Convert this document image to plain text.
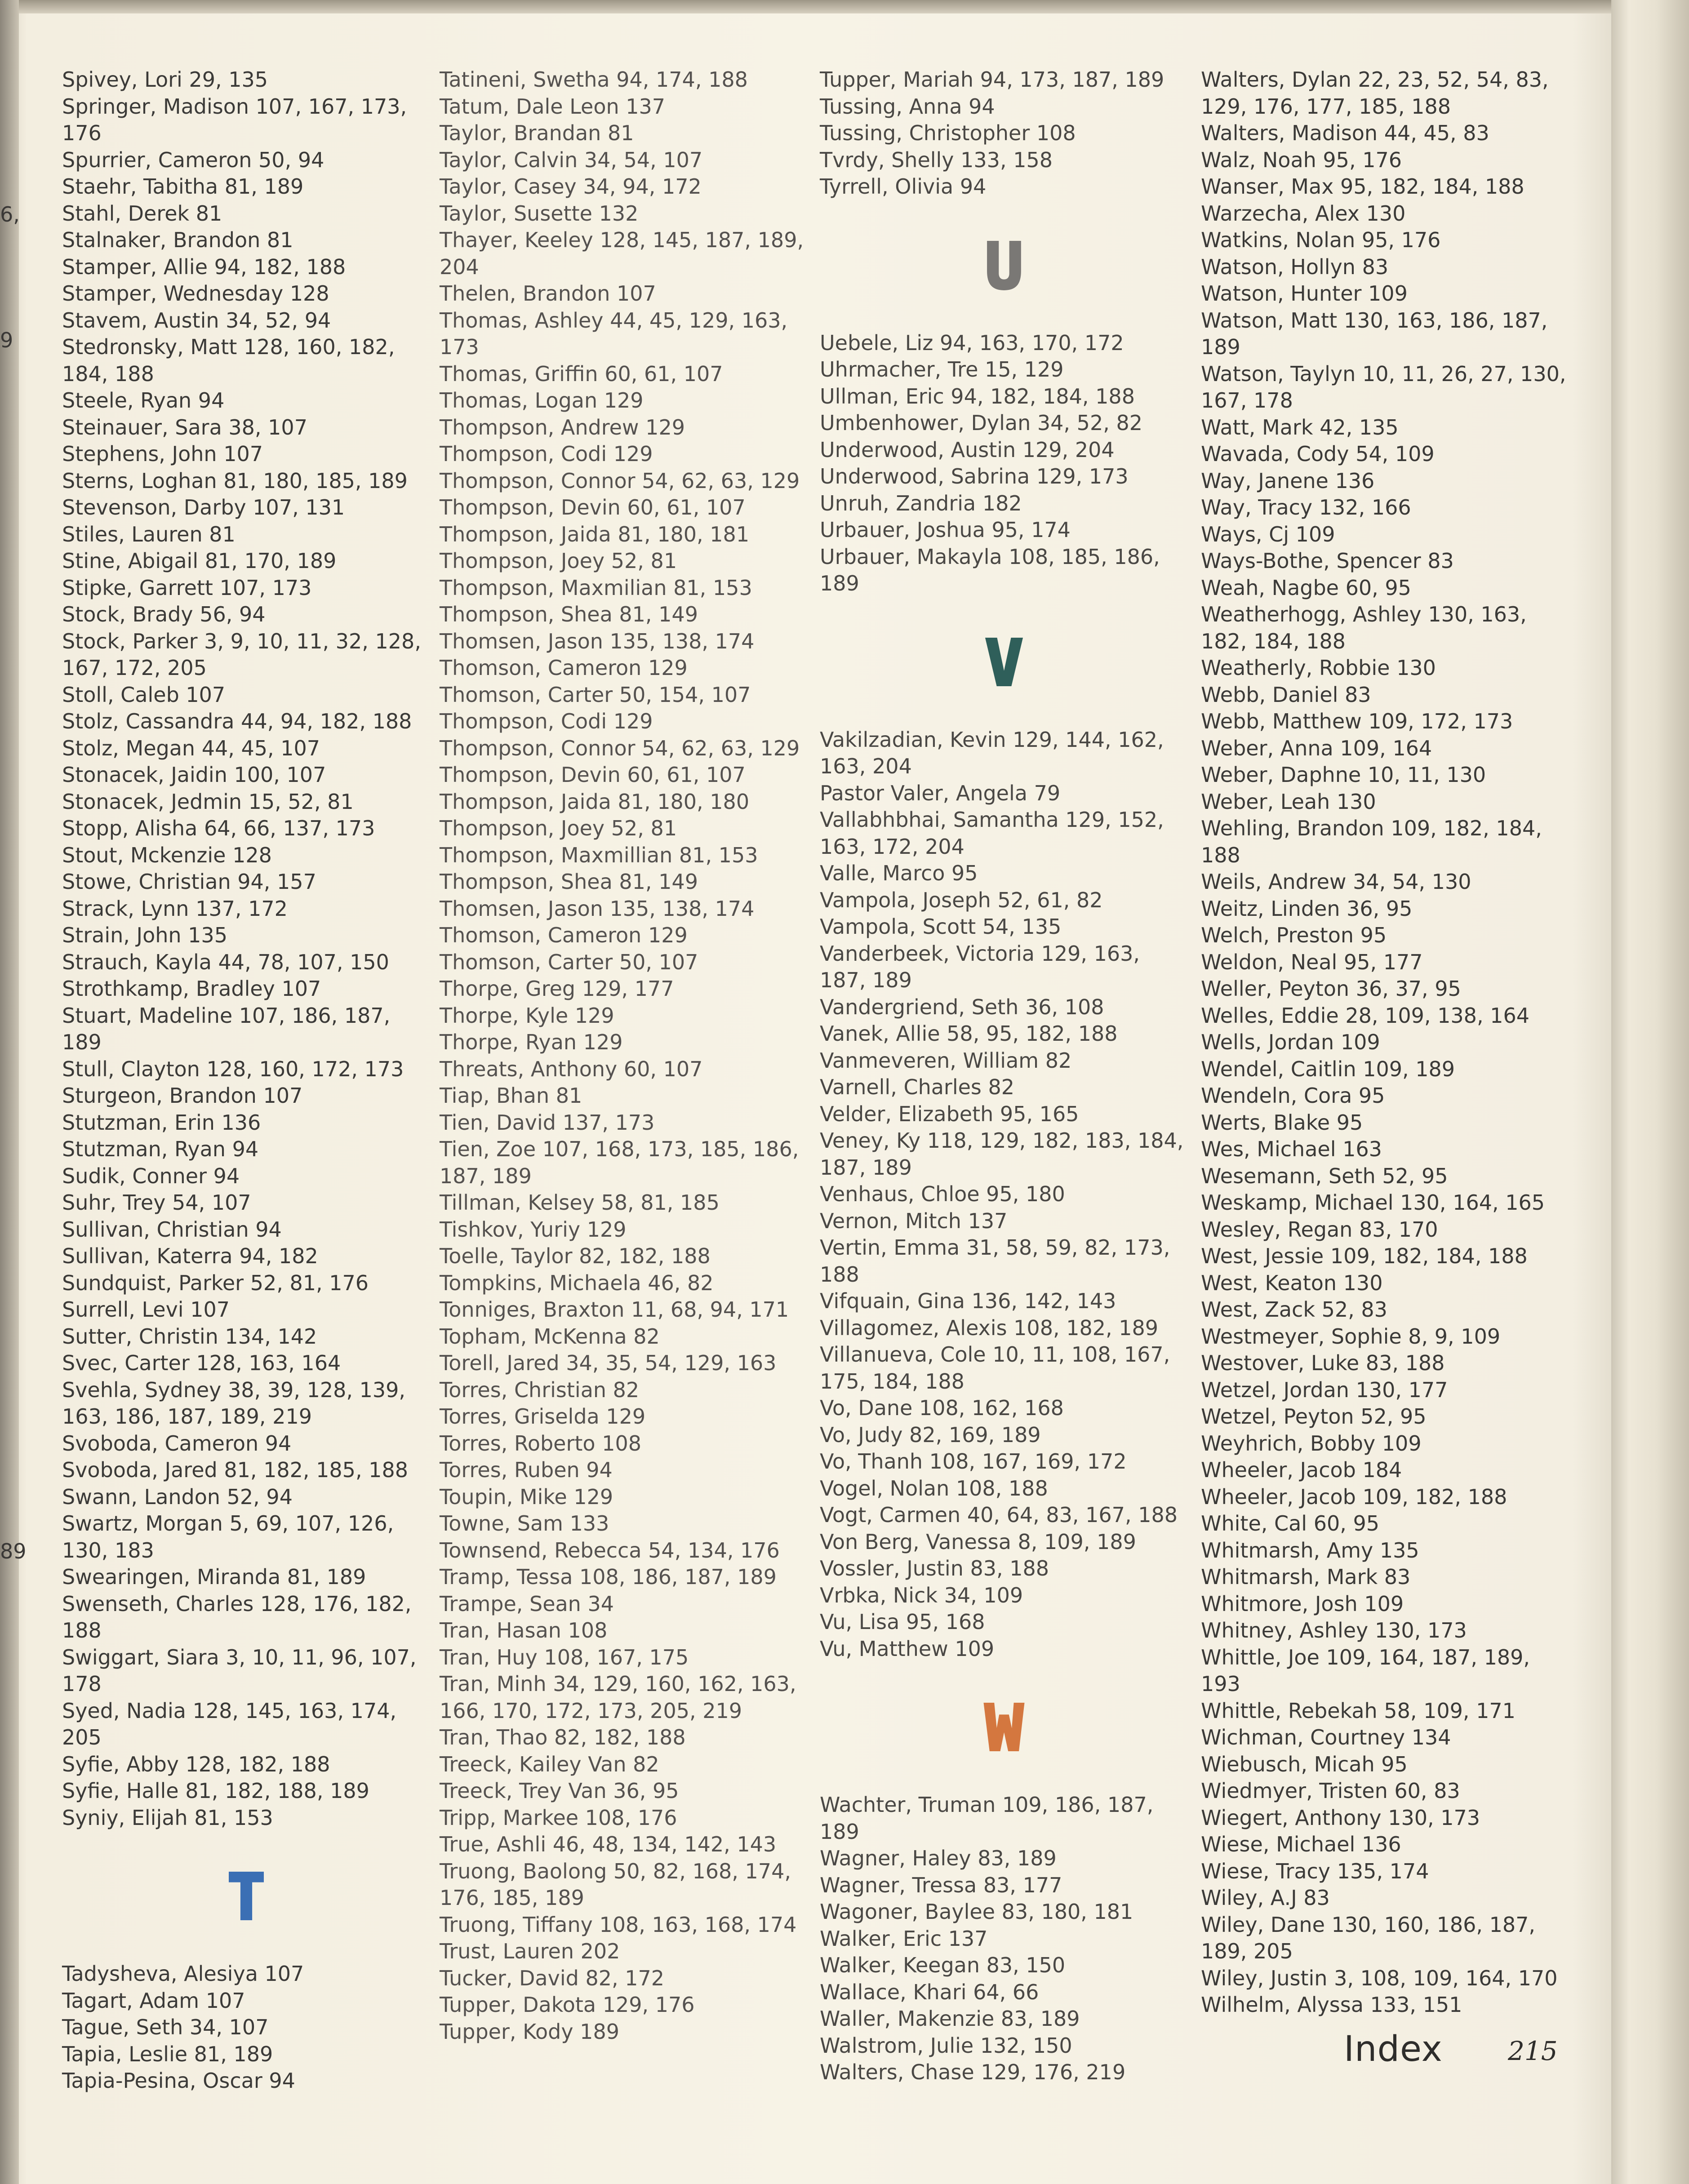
6,
9
89

Spivey, Lori 29, 135

Springer, Madison 107, 167, 173, 176

Spurrier, Cameron 50, 94

Staehr, Tabitha 81, 189

Stahl, Derek 81

Stalnaker, Brandon 81

Stamper, Allie 94, 182, 188

Stamper, Wednesday 128

Stavem, Austin 34, 52, 94

Stedronsky, Matt 128, 160, 182, 184, 188

Steele, Ryan 94

Steinauer, Sara 38, 107

Stephens, John 107

Sterns, Loghan 81, 180, 185, 189

Stevenson, Darby 107, 131

Stiles, Lauren 81

Stine, Abigail 81, 170, 189

Stipke, Garrett 107, 173

Stock, Brady 56, 94

Stock, Parker 3, 9, 10, 11, 32, 128, 167, 172, 205

Stoll, Caleb 107

Stolz, Cassandra 44, 94, 182, 188

Stolz, Megan 44, 45, 107

Stonacek, Jaidin 100, 107

Stonacek, Jedmin 15, 52, 81

Stopp, Alisha 64, 66, 137, 173

Stout, Mckenzie 128

Stowe, Christian 94, 157

Strack, Lynn 137, 172

Strain, John 135

Strauch, Kayla 44, 78, 107, 150

Strothkamp, Bradley 107

Stuart, Madeline 107, 186, 187, 189

Stull, Clayton 128, 160, 172, 173

Sturgeon, Brandon 107

Stutzman, Erin 136

Stutzman, Ryan 94

Sudik, Conner 94

Suhr, Trey 54, 107

Sullivan, Christian 94

Sullivan, Katerra 94, 182

Sundquist, Parker 52, 81, 176

Surrell, Levi 107

Sutter, Christin 134, 142

Svec, Carter 128, 163, 164

Svehla, Sydney 38, 39, 128, 139, 163, 186, 187, 189, 219

Svoboda, Cameron 94

Svoboda, Jared 81, 182, 185, 188

Swann, Landon 52, 94

Swartz, Morgan 5, 69, 107, 126, 130, 183

Swearingen, Miranda 81, 189

Swenseth, Charles 128, 176, 182, 188

Swiggart, Siara 3, 10, 11, 96, 107, 178

Syed, Nadia 128, 145, 163, 174, 205

Syfie, Abby 128, 182, 188

Syfie, Halle 81, 182, 188, 189

Syniy, Elijah 81, 153

T

Tadysheva, Alesiya 107

Tagart, Adam 107

Tague, Seth 34, 107

Tapia, Leslie 81, 189

Tapia-Pesina, Oscar 94

Tatineni, Swetha 94, 174, 188

Tatum, Dale Leon 137

Taylor, Brandan 81

Taylor, Calvin 34, 54, 107

Taylor, Casey 34, 94, 172

Taylor, Susette 132

Thayer, Keeley 128, 145, 187, 189, 204

Thelen, Brandon 107

Thomas, Ashley 44, 45, 129, 163, 173

Thomas, Griffin 60, 61, 107

Thomas, Logan 129

Thompson, Andrew 129

Thompson, Codi 129

Thompson, Connor 54, 62, 63, 129

Thompson, Devin 60, 61, 107

Thompson, Jaida 81, 180, 181

Thompson, Joey 52, 81

Thompson, Maxmilian 81, 153

Thompson, Shea 81, 149

Thomsen, Jason 135, 138, 174

Thomson, Cameron 129

Thomson, Carter 50, 154, 107

Thompson, Codi 129

Thompson, Connor 54, 62, 63, 129

Thompson, Devin 60, 61, 107

Thompson, Jaida 81, 180, 180

Thompson, Joey 52, 81

Thompson, Maxmillian 81, 153

Thompson, Shea 81, 149

Thomsen, Jason 135, 138, 174

Thomson, Cameron 129

Thomson, Carter 50, 107

Thorpe, Greg 129, 177

Thorpe, Kyle 129

Thorpe, Ryan 129

Threats, Anthony 60, 107

Tiap, Bhan 81

Tien, David 137, 173

Tien, Zoe 107, 168, 173, 185, 186, 187, 189

Tillman, Kelsey 58, 81, 185

Tishkov, Yuriy 129

Toelle, Taylor 82, 182, 188

Tompkins, Michaela 46, 82

Tonniges, Braxton 11, 68, 94, 171

Topham, McKenna 82

Torell, Jared 34, 35, 54, 129, 163

Torres, Christian 82

Torres, Griselda 129

Torres, Roberto 108

Torres, Ruben 94

Toupin, Mike 129

Towne, Sam 133

Townsend, Rebecca 54, 134, 176

Tramp, Tessa 108, 186, 187, 189

Trampe, Sean 34

Tran, Hasan 108

Tran, Huy 108, 167, 175

Tran, Minh 34, 129, 160, 162, 163, 166, 170, 172, 173, 205, 219

Tran, Thao 82, 182, 188

Treeck, Kailey Van 82

Treeck, Trey Van 36, 95

Tripp, Markee 108, 176

True, Ashli 46, 48, 134, 142, 143

Truong, Baolong 50, 82, 168, 174, 176, 185, 189

Truong, Tiffany 108, 163, 168, 174

Trust, Lauren 202

Tucker, David 82, 172

Tupper, Dakota 129, 176

Tupper, Kody 189

Tupper, Mariah 94, 173, 187, 189

Tussing, Anna 94

Tussing, Christopher 108

Tvrdy, Shelly 133, 158

Tyrrell, Olivia 94

U

Uebele, Liz 94, 163, 170, 172

Uhrmacher, Tre 15, 129

Ullman, Eric 94, 182, 184, 188

Umbenhower, Dylan 34, 52, 82

Underwood, Austin 129, 204

Underwood, Sabrina 129, 173

Unruh, Zandria 182

Urbauer, Joshua 95, 174

Urbauer, Makayla 108, 185, 186, 189

V

Vakilzadian, Kevin 129, 144, 162, 163, 204

Pastor Valer, Angela 79

Vallabhbhai, Samantha 129, 152, 163, 172, 204

Valle, Marco 95

Vampola, Joseph 52, 61, 82

Vampola, Scott 54, 135

Vanderbeek, Victoria 129, 163, 187, 189

Vandergriend, Seth 36, 108

Vanek, Allie 58, 95, 182, 188

Vanmeveren, William 82

Varnell, Charles 82

Velder, Elizabeth 95, 165

Veney, Ky 118, 129, 182, 183, 184, 187, 189

Venhaus, Chloe 95, 180

Vernon, Mitch 137

Vertin, Emma 31, 58, 59, 82, 173, 188

Vifquain, Gina 136, 142, 143

Villagomez, Alexis 108, 182, 189

Villanueva, Cole 10, 11, 108, 167, 175, 184, 188

Vo, Dane 108, 162, 168

Vo, Judy 82, 169, 189

Vo, Thanh 108, 167, 169, 172

Vogel, Nolan 108, 188

Vogt, Carmen 40, 64, 83, 167, 188

Von Berg, Vanessa 8, 109, 189

Vossler, Justin 83, 188

Vrbka, Nick 34, 109

Vu, Lisa 95, 168

Vu, Matthew 109

W

Wachter, Truman 109, 186, 187, 189

Wagner, Haley 83, 189

Wagner, Tressa 83, 177

Wagoner, Baylee 83, 180, 181

Walker, Eric 137

Walker, Keegan 83, 150

Wallace, Khari 64, 66

Waller, Makenzie 83, 189

Walstrom, Julie 132, 150

Walters, Chase 129, 176, 219

Walters, Dylan 22, 23, 52, 54, 83, 129, 176, 177, 185, 188

Walters, Madison 44, 45, 83

Walz, Noah 95, 176

Wanser, Max 95, 182, 184, 188

Warzecha, Alex 130

Watkins, Nolan 95, 176

Watson, Hollyn 83

Watson, Hunter 109

Watson, Matt 130, 163, 186, 187, 189

Watson, Taylyn 10, 11, 26, 27, 130, 167, 178

Watt, Mark 42, 135

Wavada, Cody 54, 109

Way, Janene 136

Way, Tracy 132, 166

Ways, Cj 109

Ways-Bothe, Spencer 83

Weah, Nagbe 60, 95

Weatherhogg, Ashley 130, 163, 182, 184, 188

Weatherly, Robbie 130

Webb, Daniel 83

Webb, Matthew 109, 172, 173

Weber, Anna 109, 164

Weber, Daphne 10, 11, 130

Weber, Leah 130

Wehling, Brandon 109, 182, 184, 188

Weils, Andrew 34, 54, 130

Weitz, Linden 36, 95

Welch, Preston 95

Weldon, Neal 95, 177

Weller, Peyton 36, 37, 95

Welles, Eddie 28, 109, 138, 164

Wells, Jordan 109

Wendel, Caitlin 109, 189

Wendeln, Cora 95

Werts, Blake 95

Wes, Michael 163

Wesemann, Seth 52, 95

Weskamp, Michael 130, 164, 165

Wesley, Regan 83, 170

West, Jessie 109, 182, 184, 188

West, Keaton 130

West, Zack 52, 83

Westmeyer, Sophie 8, 9, 109

Westover, Luke 83, 188

Wetzel, Jordan 130, 177

Wetzel, Peyton 52, 95

Weyhrich, Bobby 109

Wheeler, Jacob 184

Wheeler, Jacob 109, 182, 188

White, Cal 60, 95

Whitmarsh, Amy 135

Whitmarsh, Mark 83

Whitmore, Josh 109

Whitney, Ashley 130, 173

Whittle, Joe 109, 164, 187, 189, 193

Whittle, Rebekah 58, 109, 171

Wichman, Courtney 134

Wiebusch, Micah 95

Wiedmyer, Tristen 60, 83

Wiegert, Anthony 130, 173

Wiese, Michael 136

Wiese, Tracy 135, 174

Wiley, A.J 83

Wiley, Dane 130, 160, 186, 187, 189, 205

Wiley, Justin 3, 108, 109, 164, 170

Wilhelm, Alyssa 133, 151

Index	215
